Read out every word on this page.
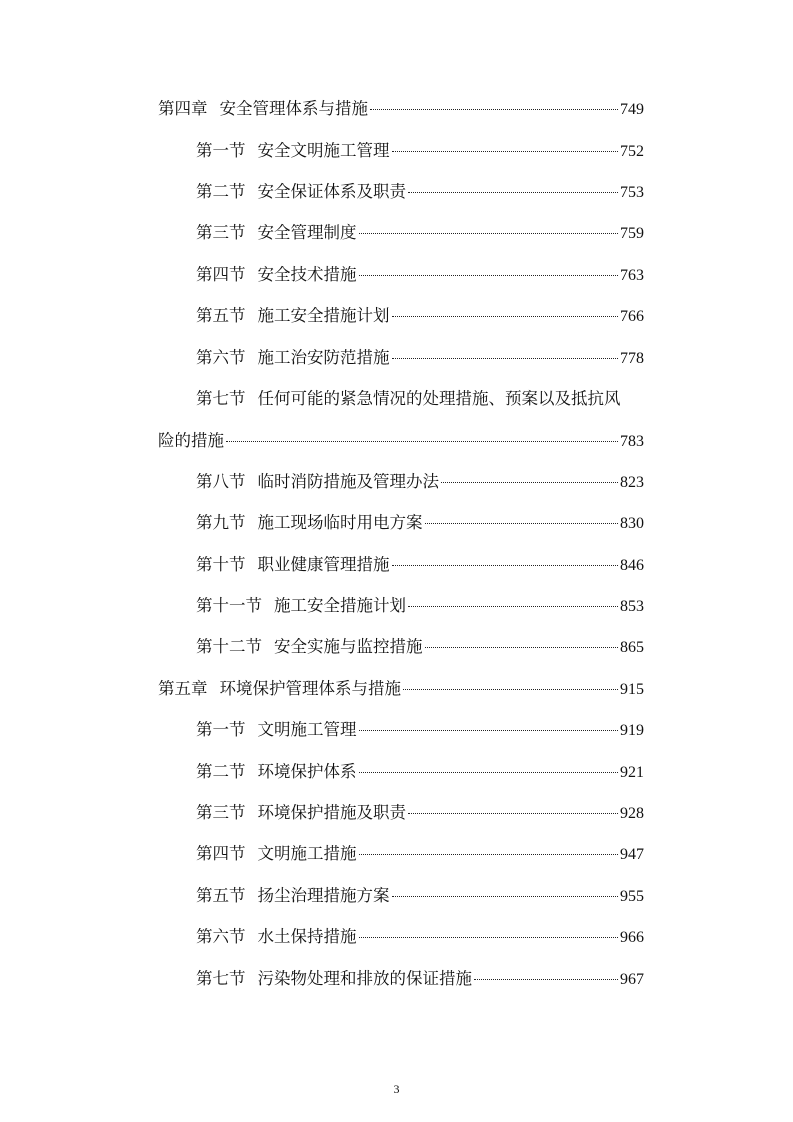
第四章 安全管理体系与措施	749
第一节 安全文明施工管理	752
第二节 安全保证体系及职责	753
第三节 安全管理制度	759
第四节 安全技术措施	763
第五节 施工安全措施计划	766
第六节 施工治安防范措施	778
第七节 任何可能的紧急情况的处理措施、预案以及抵抗风
险的措施	783
第八节 临时消防措施及管理办法	823
第九节 施工现场临时用电方案	830
第十节 职业健康管理措施	846
第十一节 施工安全措施计划	853
第十二节 安全实施与监控措施	865
第五章 环境保护管理体系与措施	915
第一节 文明施工管理	919
第二节 环境保护体系	921
第三节 环境保护措施及职责	928
第四节 文明施工措施	947
第五节 扬尘治理措施方案	955
第六节 水土保持措施	966
第七节 污染物处理和排放的保证措施	967
3
